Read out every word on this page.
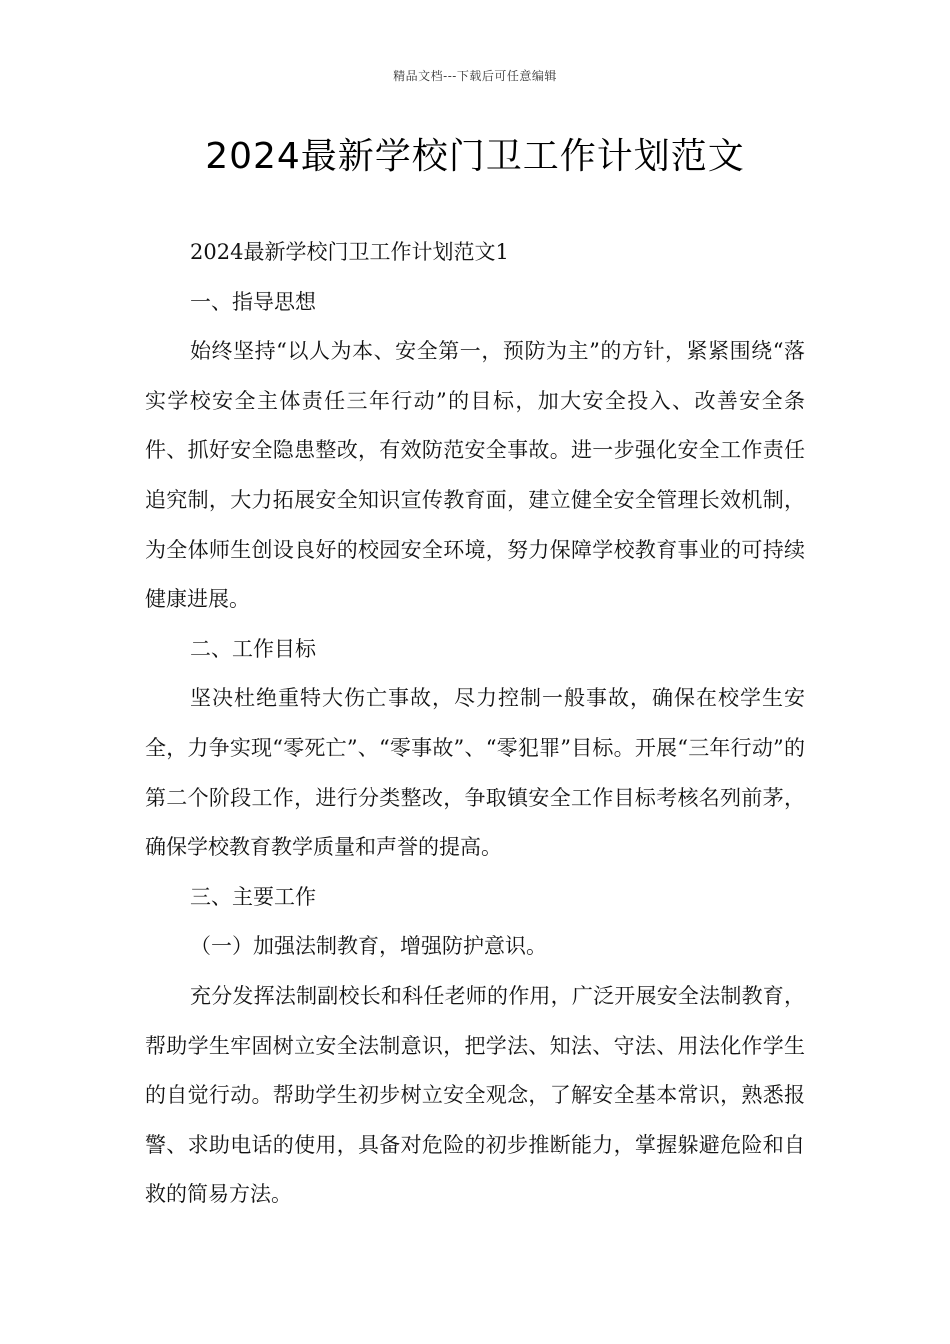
精品文档---下载后可任意编辑
2024最新学校门卫工作计划范文

2024最新学校门卫工作计划范文1

一、指导思想

始终坚持“以人为本、安全第一，预防为主”的方针，紧紧围绕“落实学校安全主体责任三年行动”的目标，加大安全投入、改善安全条件、抓好安全隐患整改，有效防范安全事故。进一步强化安全工作责任追究制，大力拓展安全知识宣传教育面，建立健全安全管理长效机制，为全体师生创设良好的校园安全环境，努力保障学校教育事业的可持续健康进展。

二、工作目标

坚决杜绝重特大伤亡事故，尽力控制一般事故，确保在校学生安全，力争实现“零死亡”、“零事故”、“零犯罪”目标。开展“三年行动”的第二个阶段工作，进行分类整改，争取镇安全工作目标考核名列前茅，确保学校教育教学质量和声誉的提高。

三、主要工作

（一）加强法制教育，增强防护意识。

充分发挥法制副校长和科任老师的作用，广泛开展安全法制教育，帮助学生牢固树立安全法制意识，把学法、知法、守法、用法化作学生的自觉行动。帮助学生初步树立安全观念，了解安全基本常识，熟悉报警、求助电话的使用，具备对危险的初步推断能力，掌握躲避危险和自救的简易方法。
